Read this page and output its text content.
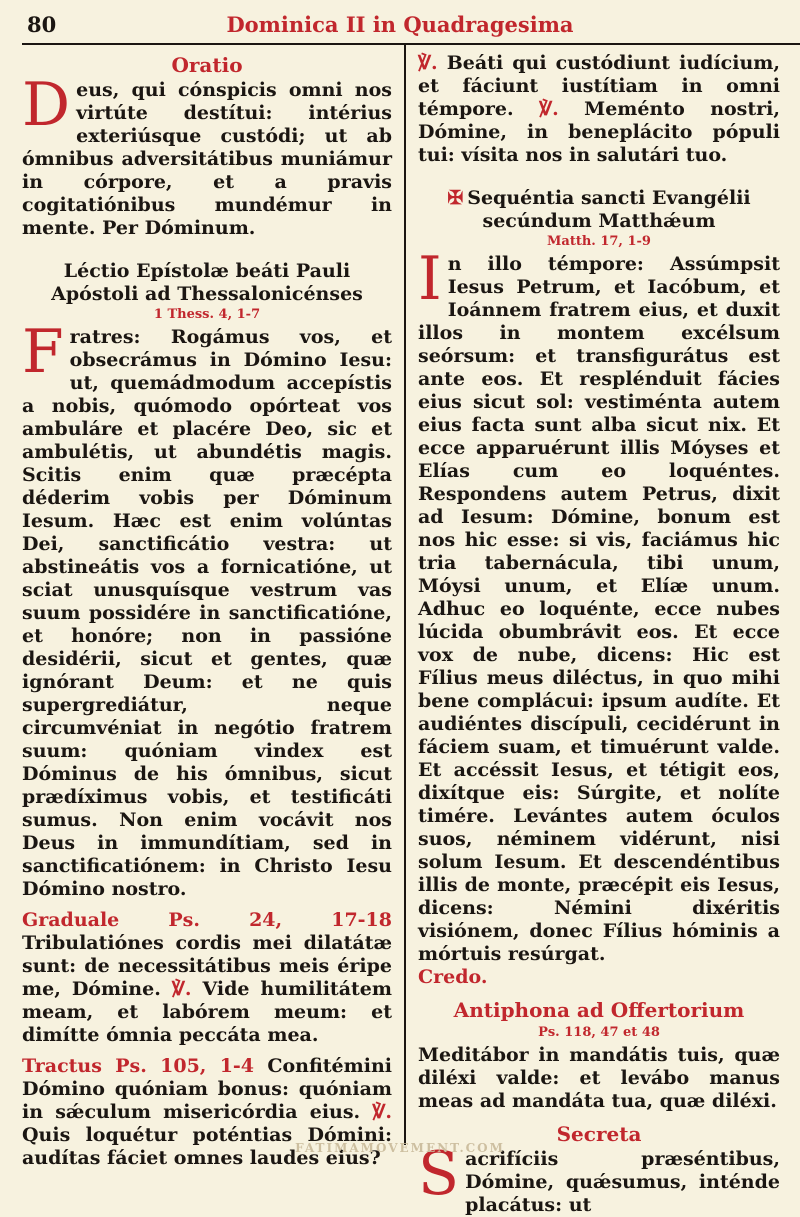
80	Dominica II in Quadragesima
Oratio

Deus, qui cónspicis omni nos virtúte destítui: intérius exteriúsque custódi; ut ab ómnibus adversitátibus muniámur in córpore, et a pravis cogitatiónibus mundémur in mente. Per Dóminum.

Léctio Epístolæ beáti Pauli Apóstoli ad Thessalonicénses
1 Thess. 4, 1-7

Fratres: Rogámus vos, et obsecrámus in Dómino Iesu: ut, quemádmodum accepístis a nobis, quómodo opórteat vos ambuláre et placére Deo, sic et ambulétis, ut abundétis magis. Scitis enim quæ præcépta déderim vobis per Dóminum Iesum. Hæc est enim volúntas Dei, sanctificátio vestra: ut abstineátis vos a fornicatióne, ut sciat unusquísque vestrum vas suum possidére in sanctificatióne, et honóre; non in passióne desidérii, sicut et gentes, quæ ignórant Deum: et ne quis supergrediátur, neque circumvéniat in negótio fratrem suum: quóniam vindex est Dóminus de his ómnibus, sicut prædíximus vobis, et testificáti sumus. Non enim vocávit nos Deus in immundítiam, sed in sanctificatiónem: in Christo Iesu Dómino nostro.

Graduale Ps. 24, 17-18 Tribulatiónes cordis mei dilatátæ sunt: de necessitátibus meis éripe me, Dómine. ℣. Vide humilitátem meam, et labórem meum: et dimítte ómnia peccáta mea.

Tractus Ps. 105, 1-4 Confitémini Dómino quóniam bonus: quóniam in sǽculum misericórdia eius. ℣. Quis loquétur poténtias Dómini: audítas fáciet omnes laudes eius?

℣. Beáti qui custódiunt iudícium, et fáciunt iustítiam in omni témpore. ℣. Meménto nostri, Dómine, in beneplácito pópuli tui: vísita nos in salutári tuo.

✠ Sequéntia sancti Evangélii secúndum Matthǽum
Matth. 17, 1-9

In illo témpore: Assúmpsit Iesus Petrum, et Iacóbum, et Ioánnem fratrem eius, et duxit illos in montem excélsum seórsum: et transfigurátus est ante eos. Et resplénduit fácies eius sicut sol: vestiménta autem eius facta sunt alba sicut nix. Et ecce apparuérunt illis Móyses et Elías cum eo loquéntes. Respondens autem Petrus, dixit ad Iesum: Dómine, bonum est nos hic esse: si vis, faciámus hic tria tabernácula, tibi unum, Móysi unum, et Elíæ unum. Adhuc eo loquénte, ecce nubes lúcida obumbrávit eos. Et ecce vox de nube, dicens: Hic est Fílius meus diléctus, in quo mihi bene complácui: ipsum audíte. Et audiéntes discípuli, cecidérunt in fáciem suam, et timuérunt valde. Et accéssit Iesus, et tétigit eos, dixítque eis: Súrgite, et nolíte timére. Levántes autem óculos suos, néminem vidérunt, nisi solum Iesum. Et descendéntibus illis de monte, præcépit eis Iesus, dicens: Némini dixéritis visiónem, donec Fílius hóminis a mórtuis resúrgat.
Credo.

Antiphona ad Offertorium
Ps. 118, 47 et 48

Meditábor in mandátis tuis, quæ diléxi valde: et levábo manus meas ad mandáta tua, quæ diléxi.

Secreta

Sacrifíciis præséntibus, Dómine, quǽsumus, inténde placátus: ut

FATIMAMOVEMENT.COM
